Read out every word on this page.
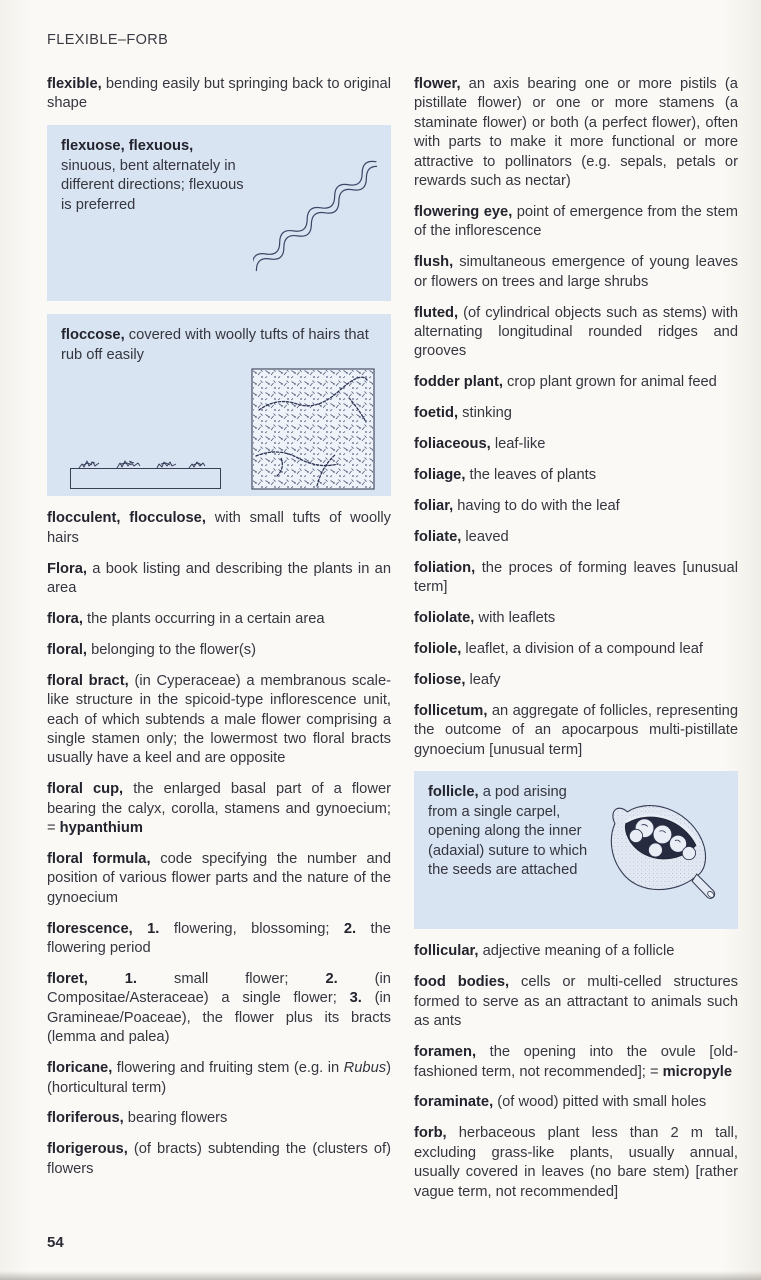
FLEXIBLE–FORB

flexible, bending easily but springing back to original shape

flexuose, flexuous,
sinuous, bent alternately in different directions; flexuous is preferred
floccose, covered with woolly tufts of hairs that rub off easily

flocculent, flocculose, with small tufts of woolly hairs

Flora, a book listing and describing the plants in an area

flora, the plants occurring in a certain area

floral, belonging to the flower(s)

floral bract, (in Cyperaceae) a membranous scale-like structure in the spicoid-type inflorescence unit, each of which subtends a male flower comprising a single stamen only; the lowermost two floral bracts usually have a keel and are opposite

floral cup, the enlarged basal part of a flower bearing the calyx, corolla, stamens and gynoecium; = hypanthium

floral formula, code specifying the number and position of various flower parts and the nature of the gynoecium

florescence, 1. flowering, blossoming; 2. the flowering period

floret, 1. small flower; 2. (in Compositae/Asteraceae) a single flower; 3. (in Gramineae/Poaceae), the flower plus its bracts (lemma and palea)

floricane, flowering and fruiting stem (e.g. in Rubus) (horticultural term)

floriferous, bearing flowers

florigerous, (of bracts) subtending the (clusters of) flowers

flower, an axis bearing one or more pistils (a pistillate flower) or one or more stamens (a staminate flower) or both (a perfect flower), often with parts to make it more functional or more attractive to pollinators (e.g. sepals, petals or rewards such as nectar)

flowering eye, point of emergence from the stem of the inflorescence

flush, simultaneous emergence of young leaves or flowers on trees and large shrubs

fluted, (of cylindrical objects such as stems) with alternating longitudinal rounded ridges and grooves

fodder plant, crop plant grown for animal feed

foetid, stinking

foliaceous, leaf-like

foliage, the leaves of plants

foliar, having to do with the leaf

foliate, leaved

foliation, the proces of forming leaves [unusual term]

foliolate, with leaflets

foliole, leaflet, a division of a compound leaf

foliose, leafy

follicetum, an aggregate of follicles, representing the outcome of an apocarpous multi-pistillate gynoecium [unusual term]

follicle, a pod arising from a single carpel, opening along the inner (adaxial) suture to which the seeds are attached

follicular, adjective meaning of a follicle

food bodies, cells or multi-celled structures formed to serve as an attractant to animals such as ants

foramen, the opening into the ovule [old-fashioned term, not recommended]; = micropyle

foraminate, (of wood) pitted with small holes

forb, herbaceous plant less than 2 m tall, excluding grass-like plants, usually annual, usually covered in leaves (no bare stem) [rather vague term, not recommended]

54
